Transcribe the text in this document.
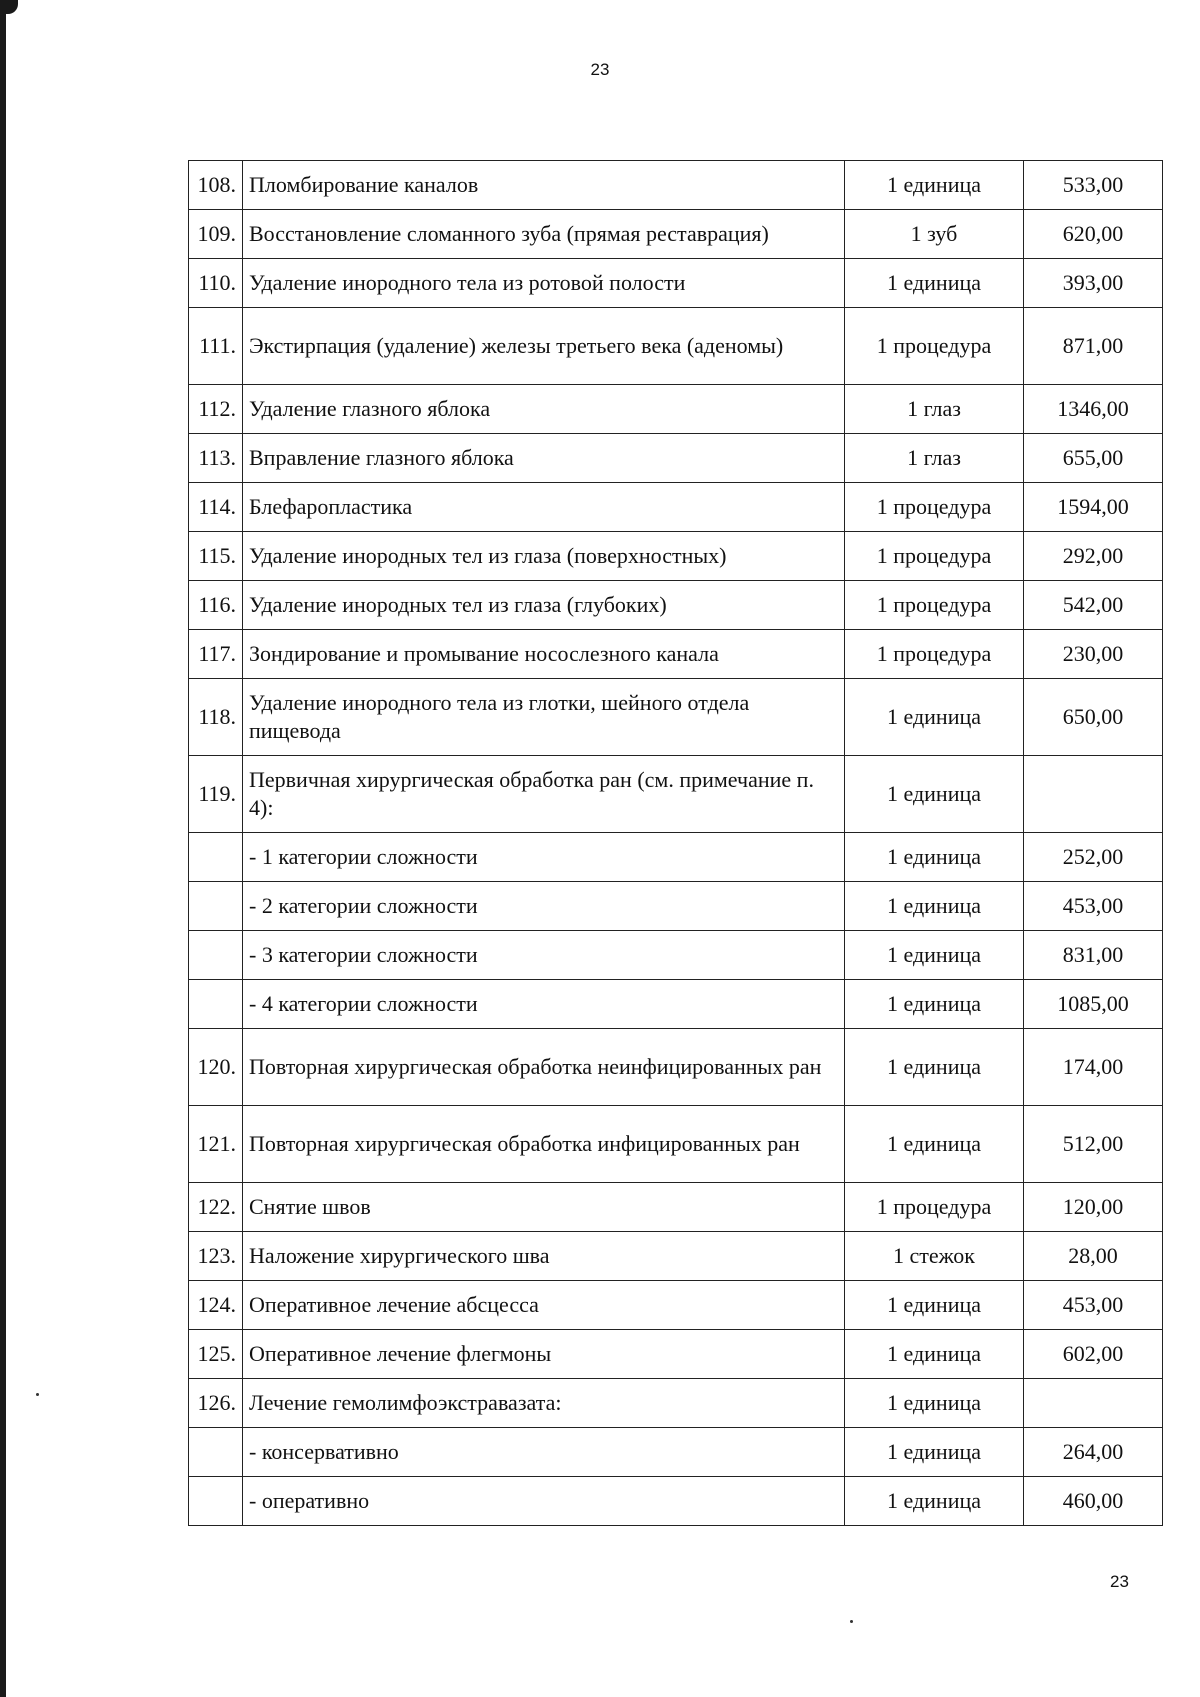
23
108.	Пломбирование каналов	1 единица	533,00
109.	Восстановление сломанного зуба (прямая реставрация)	1 зуб	620,00
110.	Удаление инородного тела из ротовой полости	1 единица	393,00
111.	Экстирпация (удаление) железы третьего века (аденомы)	1 процедура	871,00
112.	Удаление глазного яблока	1 глаз	1346,00
113.	Вправление глазного яблока	1 глаз	655,00
114.	Блефаропластика	1 процедура	1594,00
115.	Удаление инородных тел из глаза (поверхностных)	1 процедура	292,00
116.	Удаление инородных тел из глаза (глубоких)	1 процедура	542,00
117.	Зондирование и промывание носослезного канала	1 процедура	230,00
118.	Удаление инородного тела из глотки, шейного отдела пищевода	1 единица	650,00
119.	Первичная хирургическая обработка ран (см. примечание п. 4):	1 единица	
	- 1 категории сложности	1 единица	252,00
	- 2 категории сложности	1 единица	453,00
	- 3 категории сложности	1 единица	831,00
	- 4 категории сложности	1 единица	1085,00
120.	Повторная хирургическая обработка неинфицированных ран	1 единица	174,00
121.	Повторная хирургическая обработка инфицированных ран	1 единица	512,00
122.	Снятие швов	1 процедура	120,00
123.	Наложение хирургического шва	1 стежок	28,00
124.	Оперативное лечение абсцесса	1 единица	453,00
125.	Оперативное лечение флегмоны	1 единица	602,00
126.	Лечение гемолимфоэкстравазата:	1 единица	
	- консервативно	1 единица	264,00
	- оперативно	1 единица	460,00
23
